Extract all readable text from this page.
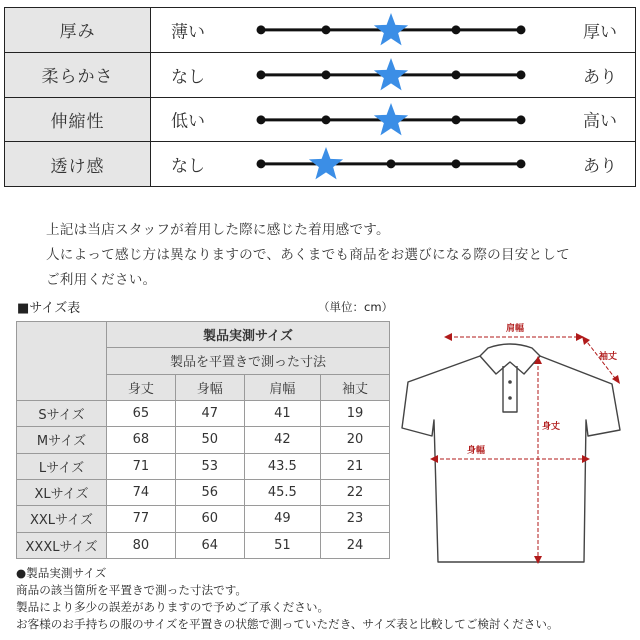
厚み	薄い	厚い
柔らかさ	なし	あり
伸縮性	低い	高い
透け感	なし	あり
上記は当店スタッフが着用した際に感じた着用感です。
人によって感じ方は異なりますので、あくまでも商品をお選びになる際の目安として
ご利用ください。
■サイズ表	（単位：cm）
	製品実測サイズ			
	製品を平置きで測った寸法			
	身丈	身幅	肩幅	袖丈
Sサイズ	65	47	41	19
Mサイズ	68	50	42	20
Lサイズ	71	53	43.5	21
XLサイズ	74	56	45.5	22
XXLサイズ	77	60	49	23
XXXLサイズ	80	64	51	24
肩幅
袖丈
身丈
身幅
●製品実測サイズ
商品の該当箇所を平置きで測った寸法です。
製品により多少の誤差がありますので予めご了承ください。
お客様のお手持ちの服のサイズを平置きの状態で測っていただき、サイズ表と比較してご検討ください。
